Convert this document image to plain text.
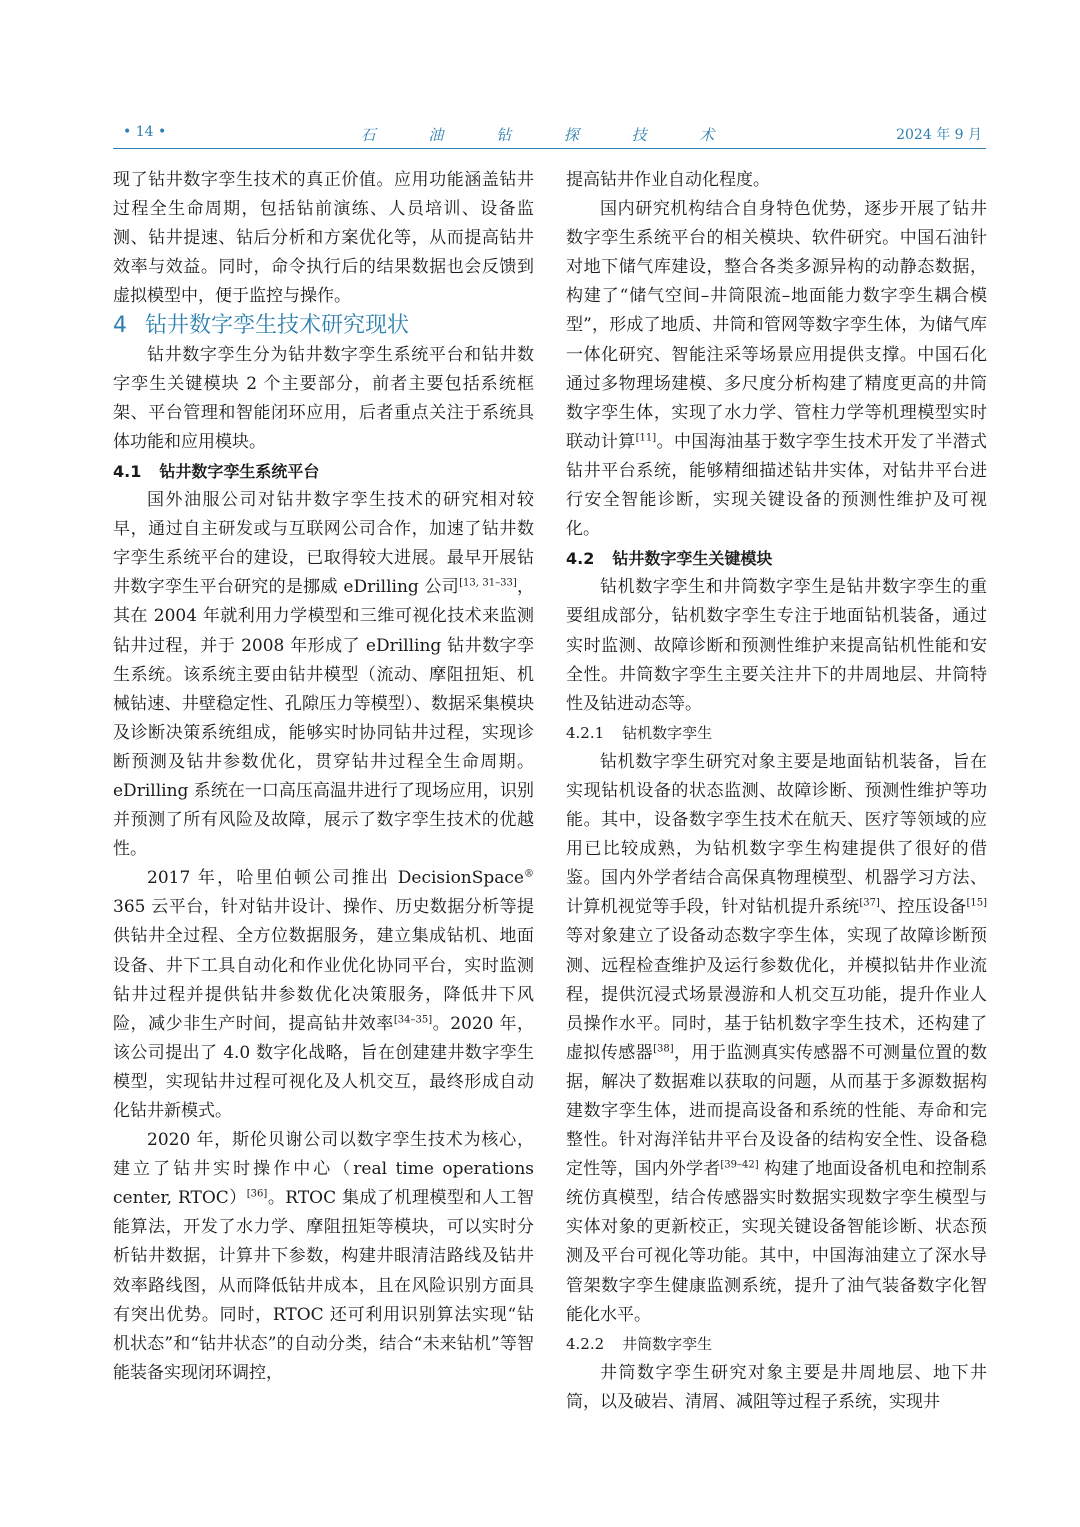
• 14 •	石 油 钻 探 技 术	2024 年 9 月

现了钻井数字孪生技术的真正价值。应用功能涵盖钻井过程全生命周期，包括钻前演练、人员培训、设备监测、钻井提速、钻后分析和方案优化等，从而提高钻井效率与效益。同时，命令执行后的结果数据也会反馈到虚拟模型中，便于监控与操作。

4 钻井数字孪生技术研究现状

钻井数字孪生分为钻井数字孪生系统平台和钻井数字孪生关键模块 2 个主要部分，前者主要包括系统框架、平台管理和智能闭环应用，后者重点关注于系统具体功能和应用模块。

4.1 钻井数字孪生系统平台

国外油服公司对钻井数字孪生技术的研究相对较早，通过自主研发或与互联网公司合作，加速了钻井数字孪生系统平台的建设，已取得较大进展。最早开展钻井数字孪生平台研究的是挪威 eDrilling 公司[13, 31–33]，其在 2004 年就利用力学模型和三维可视化技术来监测钻井过程，并于 2008 年形成了 eDrilling 钻井数字孪生系统。该系统主要由钻井模型（流动、摩阻扭矩、机械钻速、井壁稳定性、孔隙压力等模型）、数据采集模块及诊断决策系统组成，能够实时协同钻井过程，实现诊断预测及钻井参数优化，贯穿钻井过程全生命周期。eDrilling 系统在一口高压高温井进行了现场应用，识别并预测了所有风险及故障，展示了数字孪生技术的优越性。

2017 年，哈里伯顿公司推出 DecisionSpace® 365 云平台，针对钻井设计、操作、历史数据分析等提供钻井全过程、全方位数据服务，建立集成钻机、地面设备、井下工具自动化和作业优化协同平台，实时监测钻井过程并提供钻井参数优化决策服务，降低井下风险，减少非生产时间，提高钻井效率[34–35]。2020 年，该公司提出了 4.0 数字化战略，旨在创建建井数字孪生模型，实现钻井过程可视化及人机交互，最终形成自动化钻井新模式。

2020 年，斯伦贝谢公司以数字孪生技术为核心，建立了钻井实时操作中心（real time operations center, RTOC）[36]。RTOC 集成了机理模型和人工智能算法，开发了水力学、摩阻扭矩等模块，可以实时分析钻井数据，计算井下参数，构建井眼清洁路线及钻井效率路线图，从而降低钻井成本，且在风险识别方面具有突出优势。同时，RTOC 还可利用识别算法实现“钻机状态”和“钻井状态”的自动分类，结合“未来钻机”等智能装备实现闭环调控，

提高钻井作业自动化程度。

国内研究机构结合自身特色优势，逐步开展了钻井数字孪生系统平台的相关模块、软件研究。中国石油针对地下储气库建设，整合各类多源异构的动静态数据，构建了“储气空间–井筒限流–地面能力数字孪生耦合模型”，形成了地质、井筒和管网等数字孪生体，为储气库一体化研究、智能注采等场景应用提供支撑。中国石化通过多物理场建模、多尺度分析构建了精度更高的井筒数字孪生体，实现了水力学、管柱力学等机理模型实时联动计算[11]。中国海油基于数字孪生技术开发了半潜式钻井平台系统，能够精细描述钻井实体，对钻井平台进行安全智能诊断，实现关键设备的预测性维护及可视化。

4.2 钻井数字孪生关键模块

钻机数字孪生和井筒数字孪生是钻井数字孪生的重要组成部分，钻机数字孪生专注于地面钻机装备，通过实时监测、故障诊断和预测性维护来提高钻机性能和安全性。井筒数字孪生主要关注井下的井周地层、井筒特性及钻进动态等。

4.2.1 钻机数字孪生

钻机数字孪生研究对象主要是地面钻机装备，旨在实现钻机设备的状态监测、故障诊断、预测性维护等功能。其中，设备数字孪生技术在航天、医疗等领域的应用已比较成熟，为钻机数字孪生构建提供了很好的借鉴。国内外学者结合高保真物理模型、机器学习方法、计算机视觉等手段，针对钻机提升系统[37]、控压设备[15] 等对象建立了设备动态数字孪生体，实现了故障诊断预测、远程检查维护及运行参数优化，并模拟钻井作业流程，提供沉浸式场景漫游和人机交互功能，提升作业人员操作水平。同时，基于钻机数字孪生技术，还构建了虚拟传感器[38]，用于监测真实传感器不可测量位置的数据，解决了数据难以获取的问题，从而基于多源数据构建数字孪生体，进而提高设备和系统的性能、寿命和完整性。针对海洋钻井平台及设备的结构安全性、设备稳定性等，国内外学者[39–42] 构建了地面设备机电和控制系统仿真模型，结合传感器实时数据实现数字孪生模型与实体对象的更新校正，实现关键设备智能诊断、状态预测及平台可视化等功能。其中，中国海油建立了深水导管架数字孪生健康监测系统，提升了油气装备数字化智能化水平。

4.2.2 井筒数字孪生

井筒数字孪生研究对象主要是井周地层、地下井筒，以及破岩、清屑、减阻等过程子系统，实现井
